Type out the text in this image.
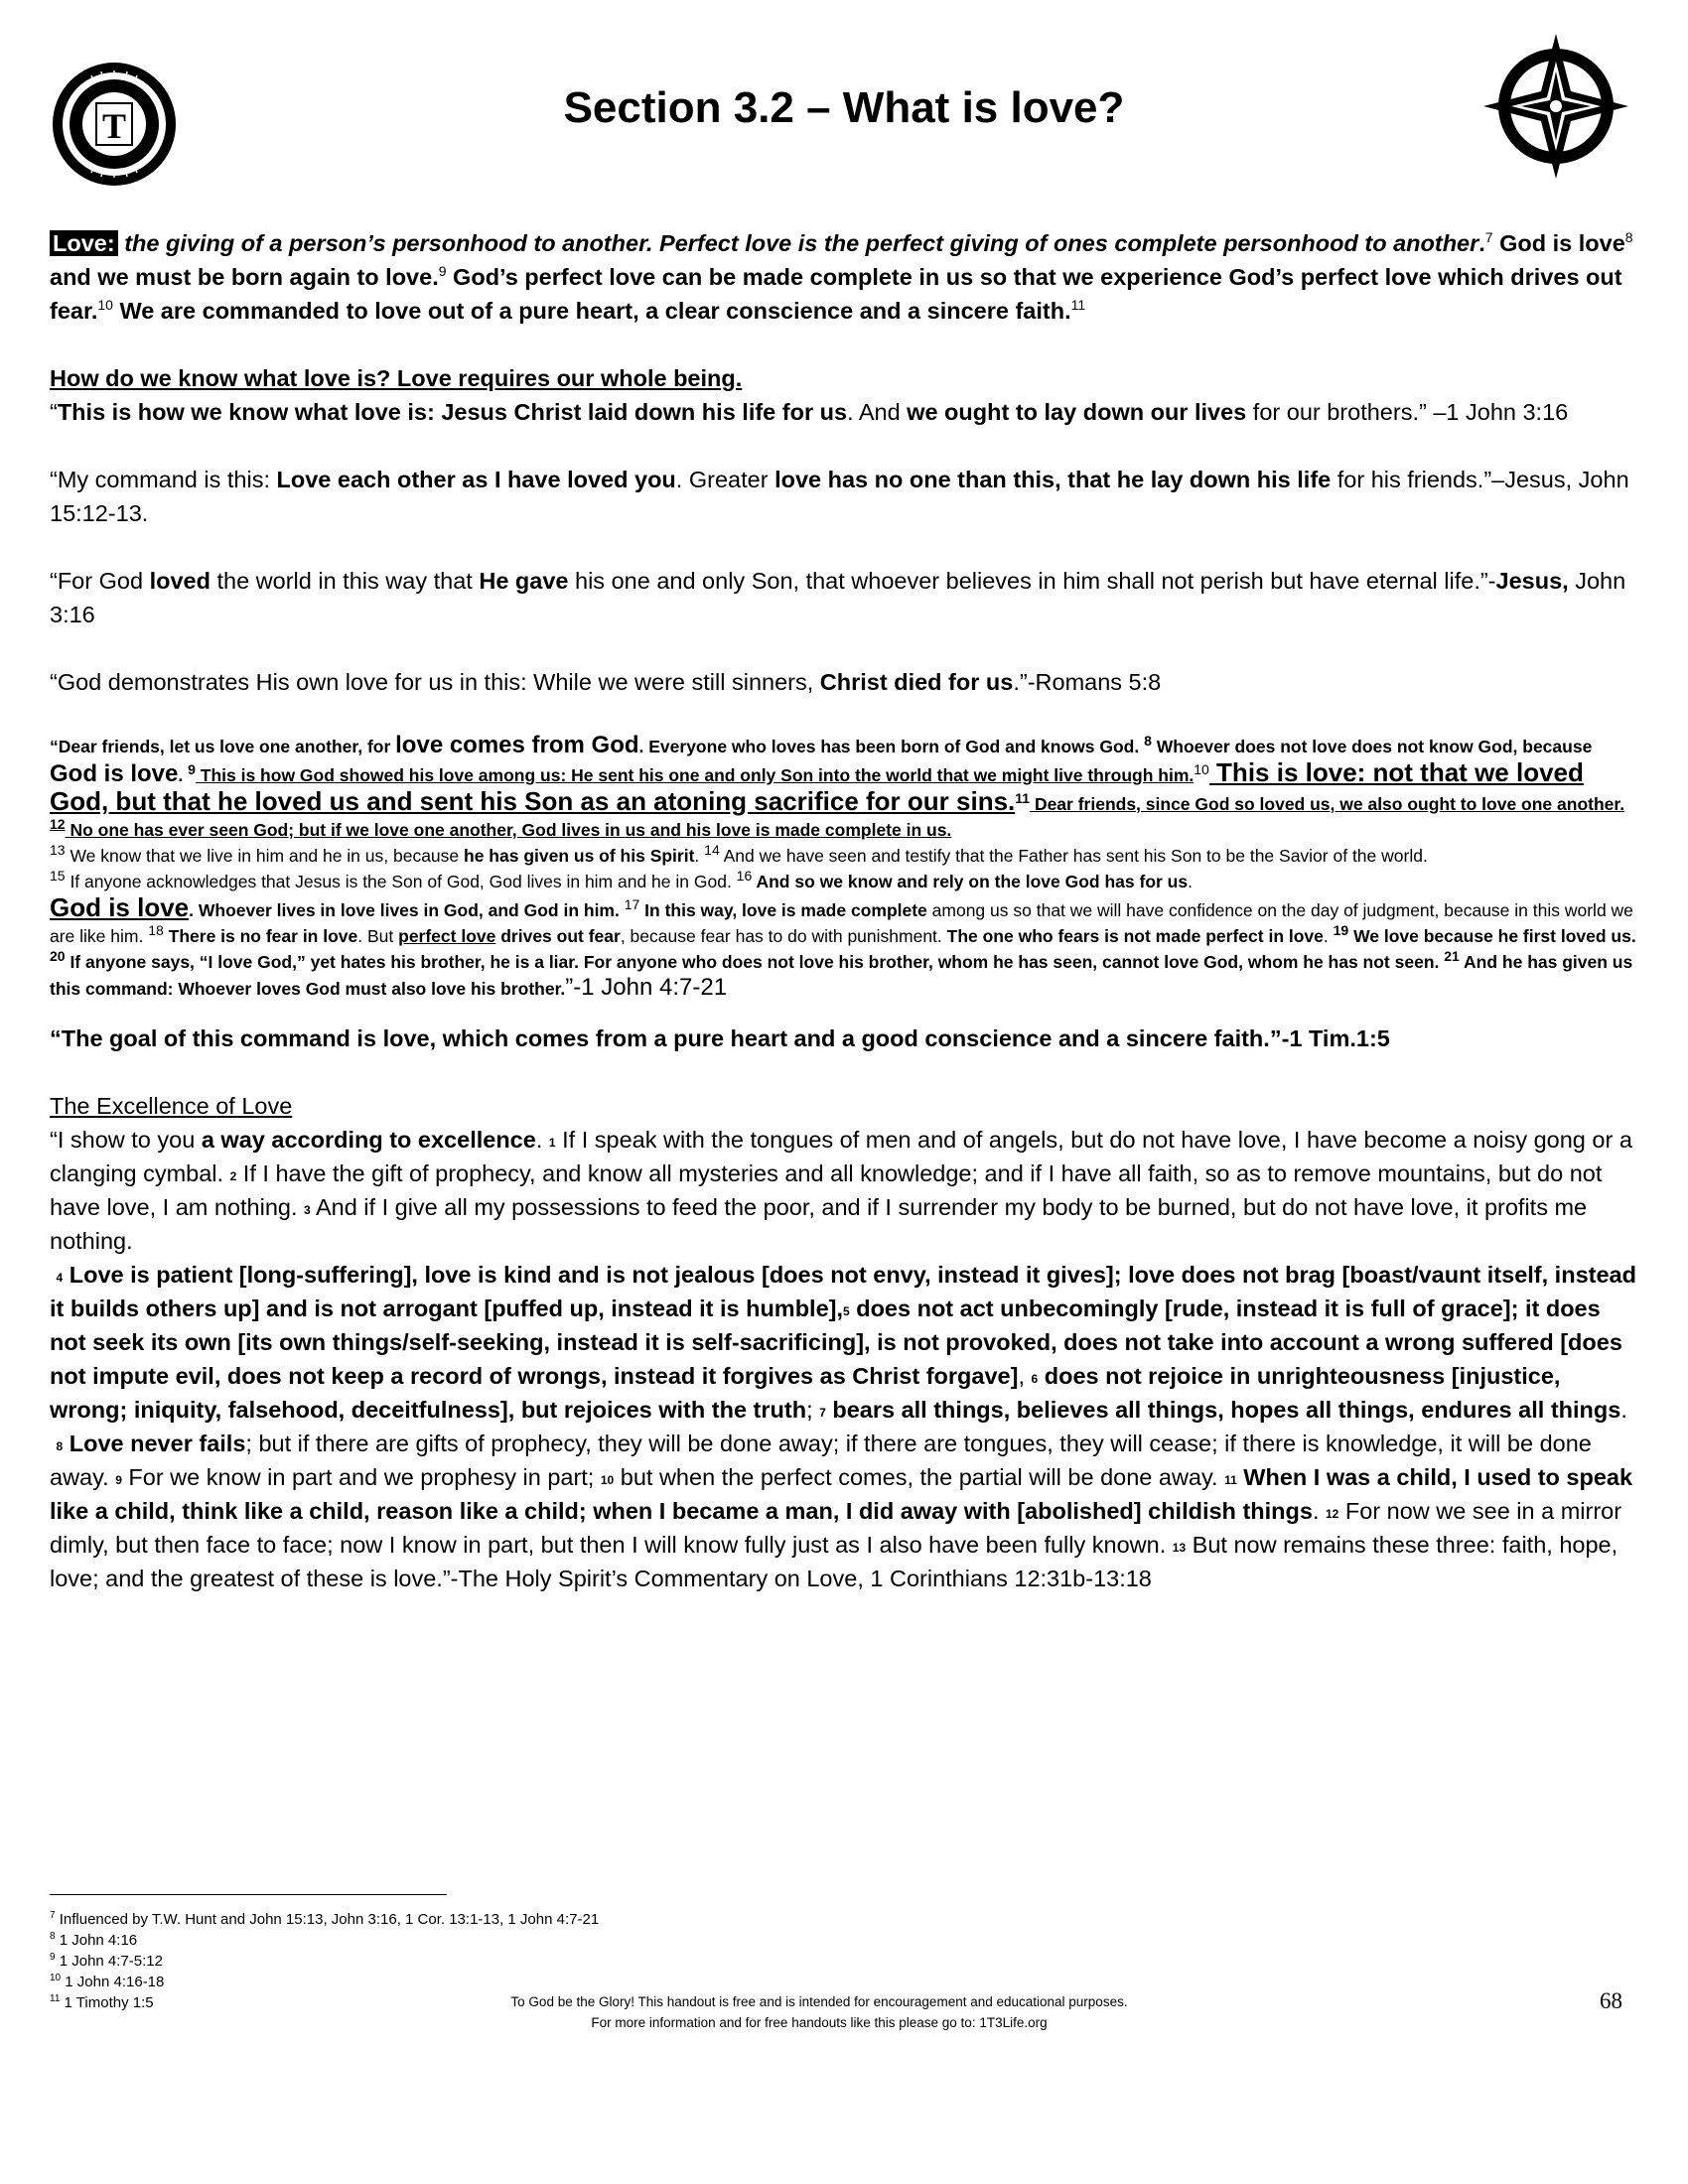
T	Section 3.2 – What is love?

Love: the giving of a person’s personhood to another. Perfect love is the perfect giving of ones complete personhood to another.$^7$ God is love$^8$ and we must be born again to love.$^9$ God’s perfect love can be made complete in us so that we experience God’s perfect love which drives out fear.$^{10}$ We are commanded to love out of a pure heart, a clear conscience and a sincere faith.$^{11}$

How do we know what love is? Love requires our whole being.

“This is how we know what love is: Jesus Christ laid down his life for us. And we ought to lay down our lives for our brothers.” –1 John 3:16

“My command is this: Love each other as I have loved you. Greater love has no one than this, that he lay down his life for his friends.”–Jesus, John 15:12-13.

“For God loved the world in this way that He gave his one and only Son, that whoever believes in him shall not perish but have eternal life.”-Jesus, John 3:16

“God demonstrates His own love for us in this: While we were still sinners, Christ died for us.”-Romans 5:8

“Dear friends, let us love one another, for love comes from God. Everyone who loves has been born of God and knows God. $^8$ Whoever does not love does not know God, because God is love. $^9$ This is how God showed his love among us: He sent his one and only Son into the world that we might live through him.$^{10}$ This is love: not that we loved God, but that he loved us and sent his Son as an atoning sacrifice for our sins.$^{11}$ Dear friends, since God so loved us, we also ought to love one another. $^{12}$ No one has ever seen God; but if we love one another, God lives in us and his love is made complete in us.
$^{13}$ We know that we live in him and he in us, because he has given us of his Spirit. $^{14}$ And we have seen and testify that the Father has sent his Son to be the Savior of the world.
$^{15}$ If anyone acknowledges that Jesus is the Son of God, God lives in him and he in God. $^{16}$ And so we know and rely on the love God has for us.
God is love. Whoever lives in love lives in God, and God in him. $^{17}$ In this way, love is made complete among us so that we will have confidence on the day of judgment, because in this world we are like him. $^{18}$ There is no fear in love. But perfect love drives out fear, because fear has to do with punishment. The one who fears is not made perfect in love. $^{19}$ We love because he first loved us. $^{20}$ If anyone says, “I love God,” yet hates his brother, he is a liar. For anyone who does not love his brother, whom he has seen, cannot love God, whom he has not seen. $^{21}$ And he has given us this command: Whoever loves God must also love his brother.”-1 John 4:7-21

“The goal of this command is love, which comes from a pure heart and a good conscience and a sincere faith.”-1 Tim.1:5

The Excellence of Love

“I show to you a way according to excellence. $^1$ If I speak with the tongues of men and of angels, but do not have love, I have become a noisy gong or a clanging cymbal. $^2$ If I have the gift of prophecy, and know all mysteries and all knowledge; and if I have all faith, so as to remove mountains, but do not have love, I am nothing. $^3$ And if I give all my possessions to feed the poor, and if I surrender my body to be burned, but do not have love, it profits me nothing.

$^4$ Love is patient [long-suffering], love is kind and is not jealous [does not envy, instead it gives]; love does not brag [boast/vaunt itself, instead it builds others up] and is not arrogant [puffed up, instead it is humble],$^5$ does not act unbecomingly [rude, instead it is full of grace]; it does not seek its own [its own things/self-seeking, instead it is self-sacrificing], is not provoked, does not take into account a wrong suffered [does not impute evil, does not keep a record of wrongs, instead it forgives as Christ forgave], $^6$ does not rejoice in unrighteousness [injustice, wrong; iniquity, falsehood, deceitfulness], but rejoices with the truth; $^7$ bears all things, believes all things, hopes all things, endures all things.

$^8$ Love never fails; but if there are gifts of prophecy, they will be done away; if there are tongues, they will cease; if there is knowledge, it will be done away. $^9$ For we know in part and we prophesy in part; $^{10}$ but when the perfect comes, the partial will be done away. $^{11}$ When I was a child, I used to speak like a child, think like a child, reason like a child; when I became a man, I did away with [abolished] childish things. $^{12}$ For now we see in a mirror dimly, but then face to face; now I know in part, but then I will know fully just as I also have been fully known. $^{13}$ But now remains these three: faith, hope, love; and the greatest of these is love.”-The Holy Spirit’s Commentary on Love, 1 Corinthians 12:31b-13:18

$^7$ Influenced by T.W. Hunt and John 15:13, John 3:16, 1 Cor. 13:1-13, 1 John 4:7-21
$^8$ 1 John 4:16
$^9$ 1 John 4:7-5:12
$^{10}$ 1 John 4:16-18
$^{11}$ 1 Timothy 1:5	To God be the Glory! This handout is free and is intended for encouragement and educational purposes.
For more information and for free handouts like this please go to: 1T3Life.org
68
